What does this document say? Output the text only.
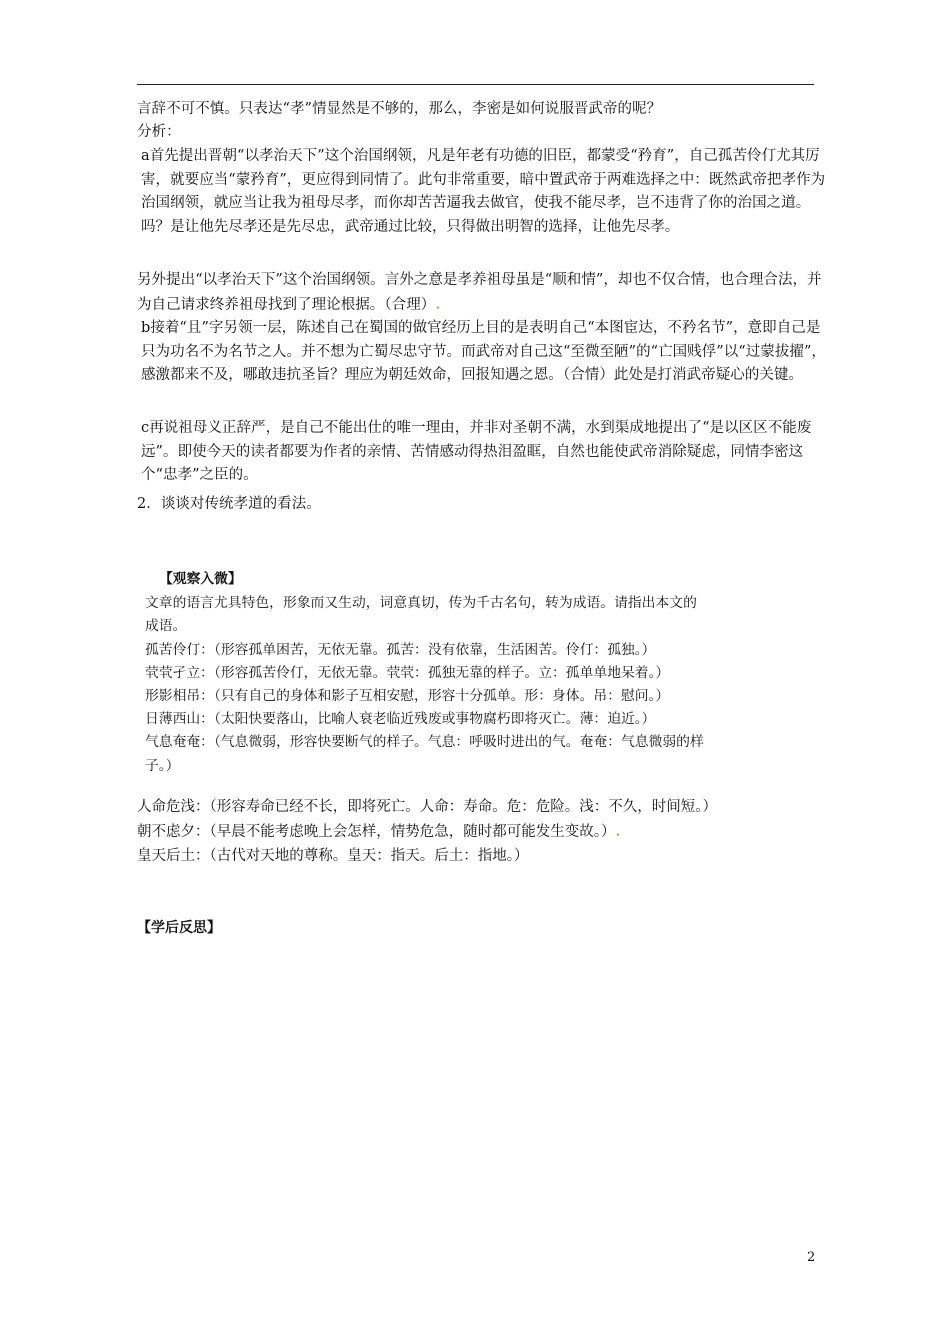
言辞不可不慎。只表达“孝”情显然是不够的，那么，李密是如何说服晋武帝的呢？

分析：

a首先提出晋朝“以孝治天下”这个治国纲领，凡是年老有功德的旧臣，都蒙受“矜育”，自己孤苦伶仃尤其厉害，就要应当“蒙矜育”，更应得到同情了。此句非常重要，暗中置武帝于两难选择之中：既然武帝把孝作为治国纲领，就应当让我为祖母尽孝，而你却苦苦逼我去做官，使我不能尽孝，岂不违背了你的治国之道。吗？是让他先尽孝还是先尽忠，武帝通过比较，只得做出明智的选择，让他先尽孝。

另外提出“以孝治天下”这个治国纲领。言外之意是孝养祖母虽是“顺和情”，却也不仅合情，也合理合法，并为自己请求终养祖母找到了理论根据。（合理）.

b接着“且”字另领一层，陈述自己在蜀国的做官经历上目的是表明自己“本图宦达，不矜名节”，意即自己是只为功名不为名节之人。并不想为亡蜀尽忠守节。而武帝对自己这“至微至陋”的“亡国贱俘”以“过蒙拔擢”，感激都来不及，哪敢违抗圣旨？理应为朝廷效命，回报知遇之恩。（合情）此处是打消武帝疑心的关键。

c再说祖母义正辞严，是自己不能出仕的唯一理由，并非对圣朝不满，水到渠成地提出了“是以区区不能废远”。即使今天的读者都要为作者的亲情、苦情感动得热泪盈眶，自然也能使武帝消除疑虑，同情李密这个“忠孝”之臣的。

2．谈谈对传统孝道的看法。

【观察入微】
文章的语言尤具特色，形象而又生动，词意真切，传为千古名句，转为成语。请指出本文的
成语。
孤苦伶仃：（形容孤单困苦，无依无靠。孤苦：没有依靠，生活困苦。伶仃：孤独。）
茕茕孑立：（形容孤苦伶仃，无依无靠。茕茕：孤独无靠的样子。立：孤单单地呆着。）
形影相吊：（只有自己的身体和影子互相安慰，形容十分孤单。形：身体。吊：慰问。）
日薄西山：（太阳快要落山，比喻人衰老临近残废或事物腐朽即将灭亡。薄：迫近。）
气息奄奄：（气息微弱，形容快要断气的样子。气息：呼吸时进出的气。奄奄：气息微弱的样
子。）
人命危浅：（形容寿命已经不长，即将死亡。人命：寿命。危：危险。浅：不久，时间短。）
朝不虑夕：（早晨不能考虑晚上会怎样，情势危急，随时都可能发生变故。）.
皇天后土：（古代对天地的尊称。皇天：指天。后土：指地。）
【学后反思】
2
